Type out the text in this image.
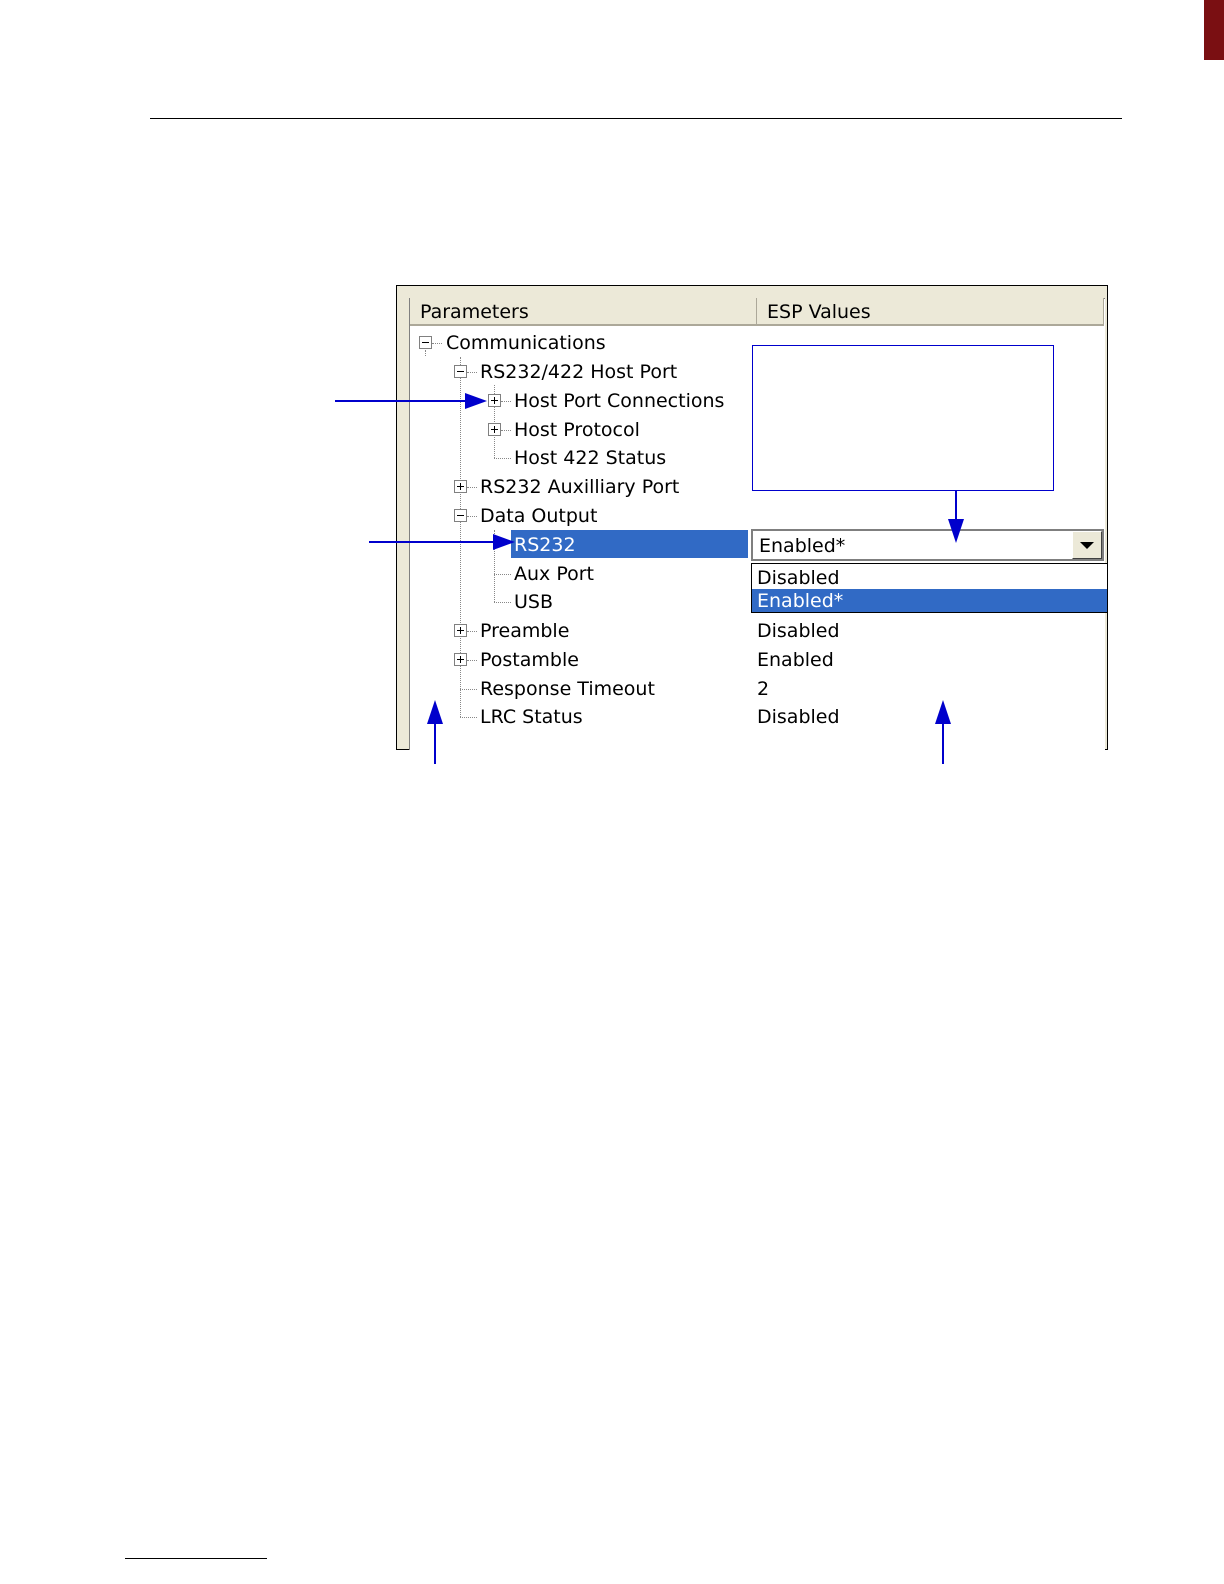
Parameters	ESP Values
Communications
RS232/422 Host Port
Host Port Connections
Host Protocol
Host 422 Status
RS232 Auxilliary Port
Data Output
RS232
Aux Port
USB
Preamble
Postamble
Response Timeout
LRC Status
Enabled*
Disabled
Enabled*
Disabled
Enabled
2
Disabled
